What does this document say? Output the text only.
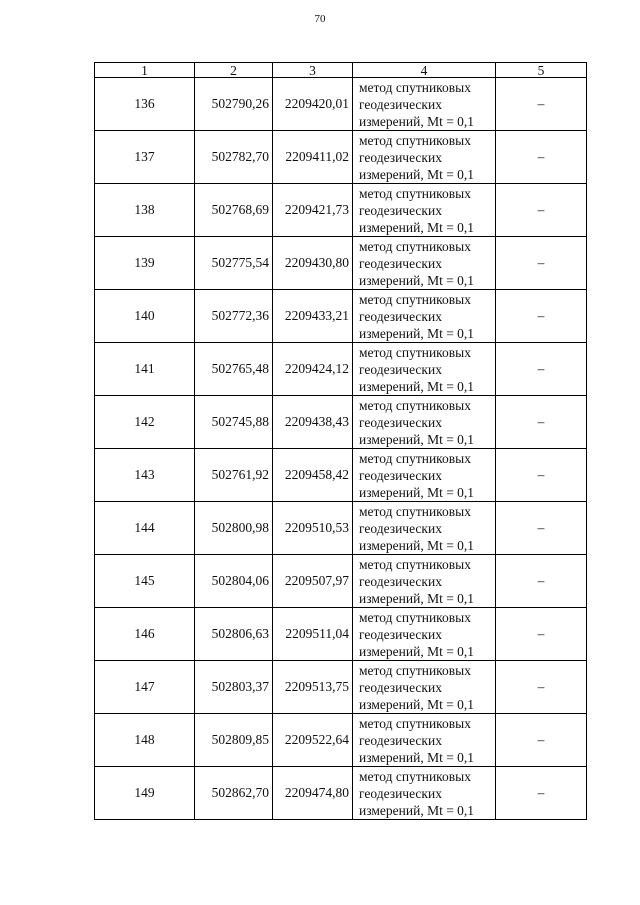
70
1	2	3	4	5
136	502790,26	2209420,01	метод спутниковых
геодезических
измерений, Mt = 0,1	–
137	502782,70	2209411,02	метод спутниковых
геодезических
измерений, Mt = 0,1	–
138	502768,69	2209421,73	метод спутниковых
геодезических
измерений, Mt = 0,1	–
139	502775,54	2209430,80	метод спутниковых
геодезических
измерений, Mt = 0,1	–
140	502772,36	2209433,21	метод спутниковых
геодезических
измерений, Mt = 0,1	–
141	502765,48	2209424,12	метод спутниковых
геодезических
измерений, Mt = 0,1	–
142	502745,88	2209438,43	метод спутниковых
геодезических
измерений, Mt = 0,1	–
143	502761,92	2209458,42	метод спутниковых
геодезических
измерений, Mt = 0,1	–
144	502800,98	2209510,53	метод спутниковых
геодезических
измерений, Mt = 0,1	–
145	502804,06	2209507,97	метод спутниковых
геодезических
измерений, Mt = 0,1	–
146	502806,63	2209511,04	метод спутниковых
геодезических
измерений, Mt = 0,1	–
147	502803,37	2209513,75	метод спутниковых
геодезических
измерений, Mt = 0,1	–
148	502809,85	2209522,64	метод спутниковых
геодезических
измерений, Mt = 0,1	–
149	502862,70	2209474,80	метод спутниковых
геодезических
измерений, Mt = 0,1	–
